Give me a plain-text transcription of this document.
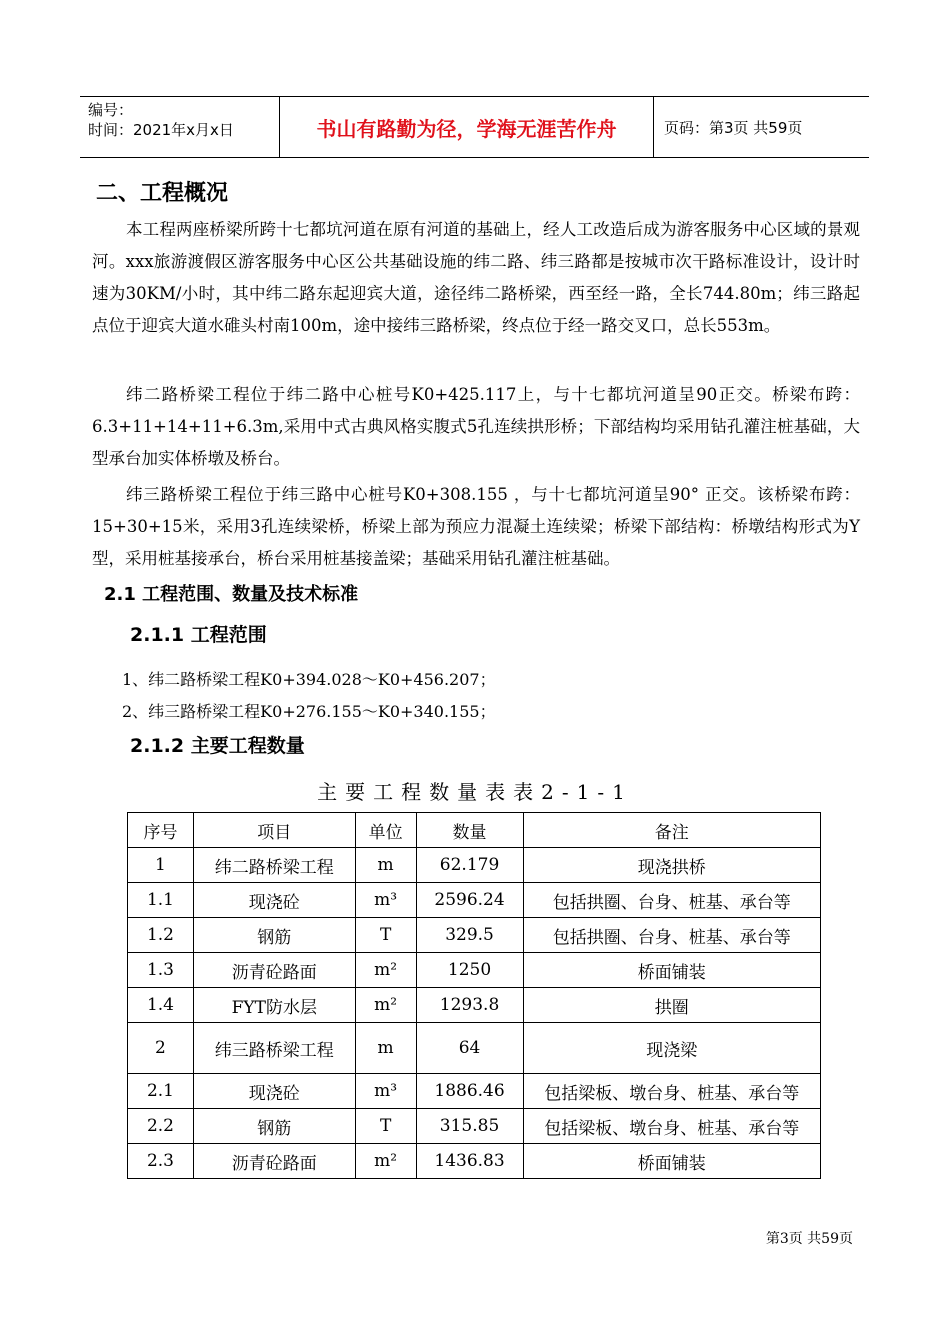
编号：
时间：2021年x月x日	书山有路勤为径，学海无涯苦作舟	页码：第3页 共59页
二、工程概况

本工程两座桥梁所跨十七都坑河道在原有河道的基础上，经人工改造后成为游客服务中心区域的景观河。xxx旅游渡假区游客服务中心区公共基础设施的纬二路、纬三路都是按城市次干路标准设计，设计时速为30KM/小时，其中纬二路东起迎宾大道，途径纬二路桥梁，西至经一路，全长744.80m；纬三路起点位于迎宾大道水碓头村南100m，途中接纬三路桥梁，终点位于经一路交叉口，总长553m。

纬二路桥梁工程位于纬二路中心桩号K0+425.117上，与十七都坑河道呈90正交。桥梁布跨：6.3+11+14+11+6.3m,采用中式古典风格实腹式5孔连续拱形桥；下部结构均采用钻孔灌注桩基础，大型承台加实体桥墩及桥台。

纬三路桥梁工程位于纬三路中心桩号K0+308.155 ，与十七都坑河道呈90° 正交。该桥梁布跨：15+30+15米，采用3孔连续梁桥，桥梁上部为预应力混凝土连续梁；桥梁下部结构：桥墩结构形式为Y型，采用桩基接承台，桥台采用桩基接盖梁；基础采用钻孔灌注桩基础。

2.1 工程范围、数量及技术标准
2.1.1 工程范围

1、纬二路桥梁工程K0+394.028～K0+456.207；

2、纬三路桥梁工程K0+276.155～K0+340.155；

2.1.2 主要工程数量

主要工程数量表表2-1-1

序号	项目	单位	数量	备注
1	纬二路桥梁工程	m	62.179	现浇拱桥
1.1	现浇砼	m³	2596.24	包括拱圈、台身、桩基、承台等
1.2	钢筋	T	329.5	包括拱圈、台身、桩基、承台等
1.3	沥青砼路面	m²	1250	桥面铺装
1.4	FYT防水层	m²	1293.8	拱圈
2	纬三路桥梁工程	m	64	现浇梁
2.1	现浇砼	m³	1886.46	包括梁板、墩台身、桩基、承台等
2.2	钢筋	T	315.85	包括梁板、墩台身、桩基、承台等
2.3	沥青砼路面	m²	1436.83	桥面铺装

第3页 共59页
